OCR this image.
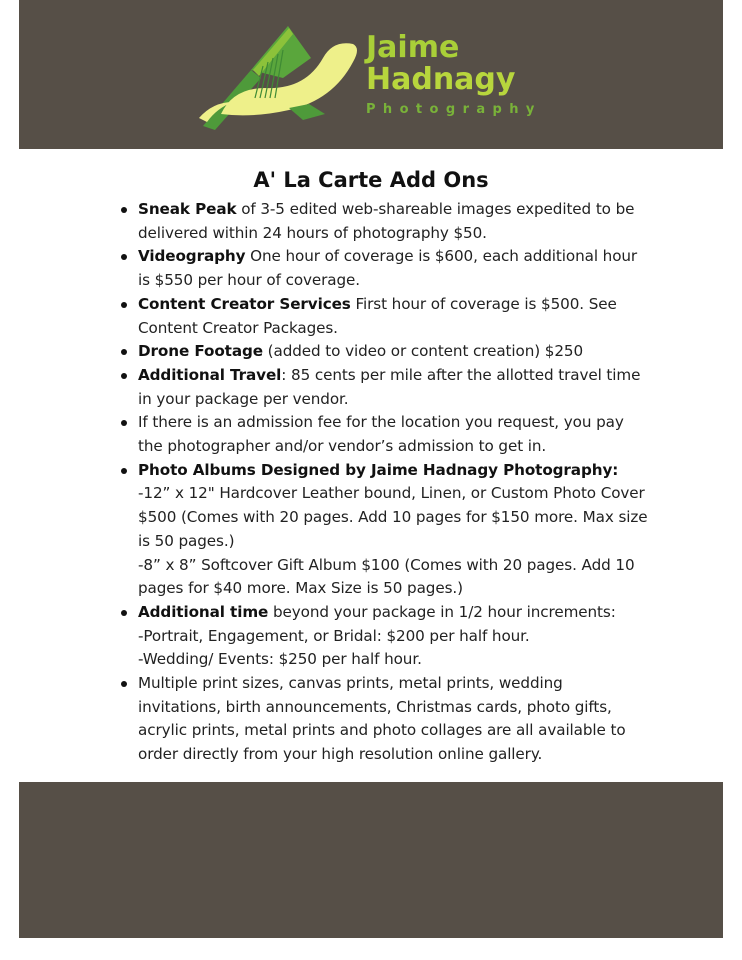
Jaime
Hadnagy
Photography
A' La Carte Add Ons
Sneak Peak of 3-5 edited web-shareable images expedited to be delivered within 24 hours of photography $50.
Videography One hour of coverage is $600, each additional hour is $550 per hour of coverage.
Content Creator Services First hour of coverage is $500. See Content Creator Packages.
Drone Footage (added to video or content creation) $250
Additional Travel: 85 cents per mile after the allotted travel time in your package per vendor.
If there is an admission fee for the location you request, you pay the photographer and/or vendor’s admission to get in.
Photo Albums Designed by Jaime Hadnagy Photography:
-12” x 12" Hardcover Leather bound, Linen, or Custom Photo Cover $500 (Comes with 20 pages. Add 10 pages for $150 more. Max size is 50 pages.)
-8” x 8” Softcover Gift Album $100 (Comes with 20 pages. Add 10 pages for $40 more. Max Size is 50 pages.)
Additional time beyond your package in 1/2 hour increments:
-Portrait, Engagement, or Bridal: $200 per half hour.
-Wedding/ Events: $250 per half hour.
Multiple print sizes, canvas prints, metal prints, wedding invitations, birth announcements, Christmas cards, photo gifts, acrylic prints, metal prints and photo collages are all available to order directly from your high resolution online gallery.
